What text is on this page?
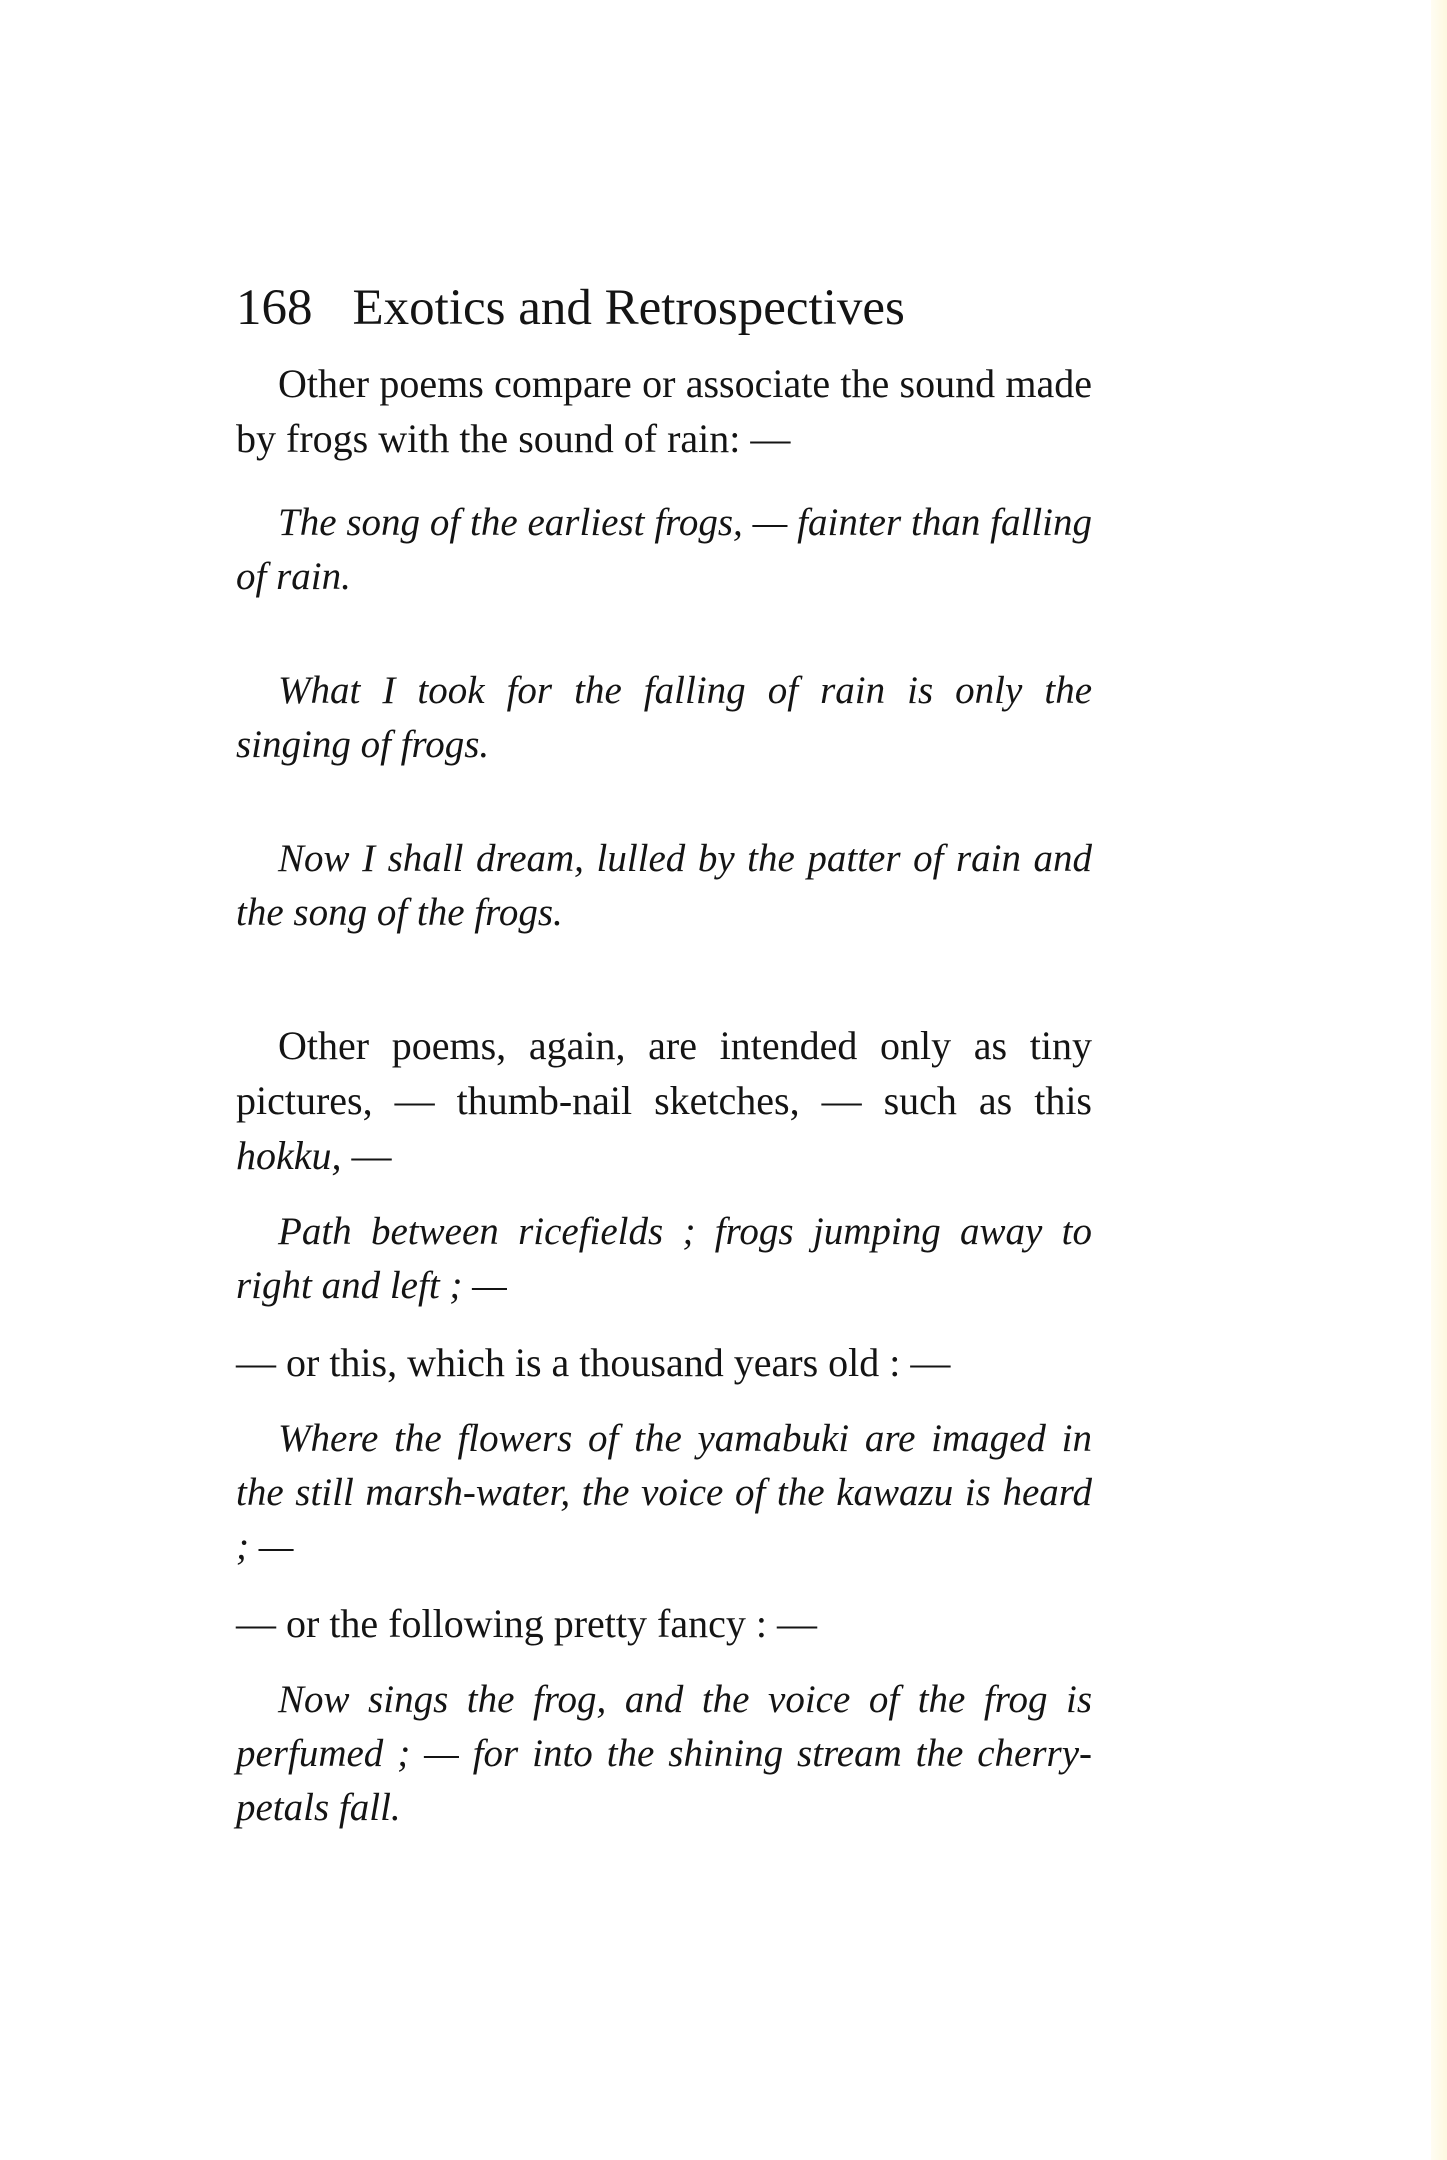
168 Exotics and Retrospectives

Other poems compare or associate the sound made by frogs with the sound of rain: —

The song of the earliest frogs, — fainter than falling of rain.

What I took for the falling of rain is only the singing of frogs.

Now I shall dream, lulled by the patter of rain and the song of the frogs.

Other poems, again, are intended only as tiny pictures, — thumb-nail sketches, — such as this hokku, —

Path between ricefields ; frogs jumping away to right and left ; —

— or this, which is a thousand years old : —

Where the flowers of the yamabuki are imaged in the still marsh-water, the voice of the kawazu is heard ; —

— or the following pretty fancy : —

Now sings the frog, and the voice of the frog is perfumed ; — for into the shining stream the cherry-petals fall.
